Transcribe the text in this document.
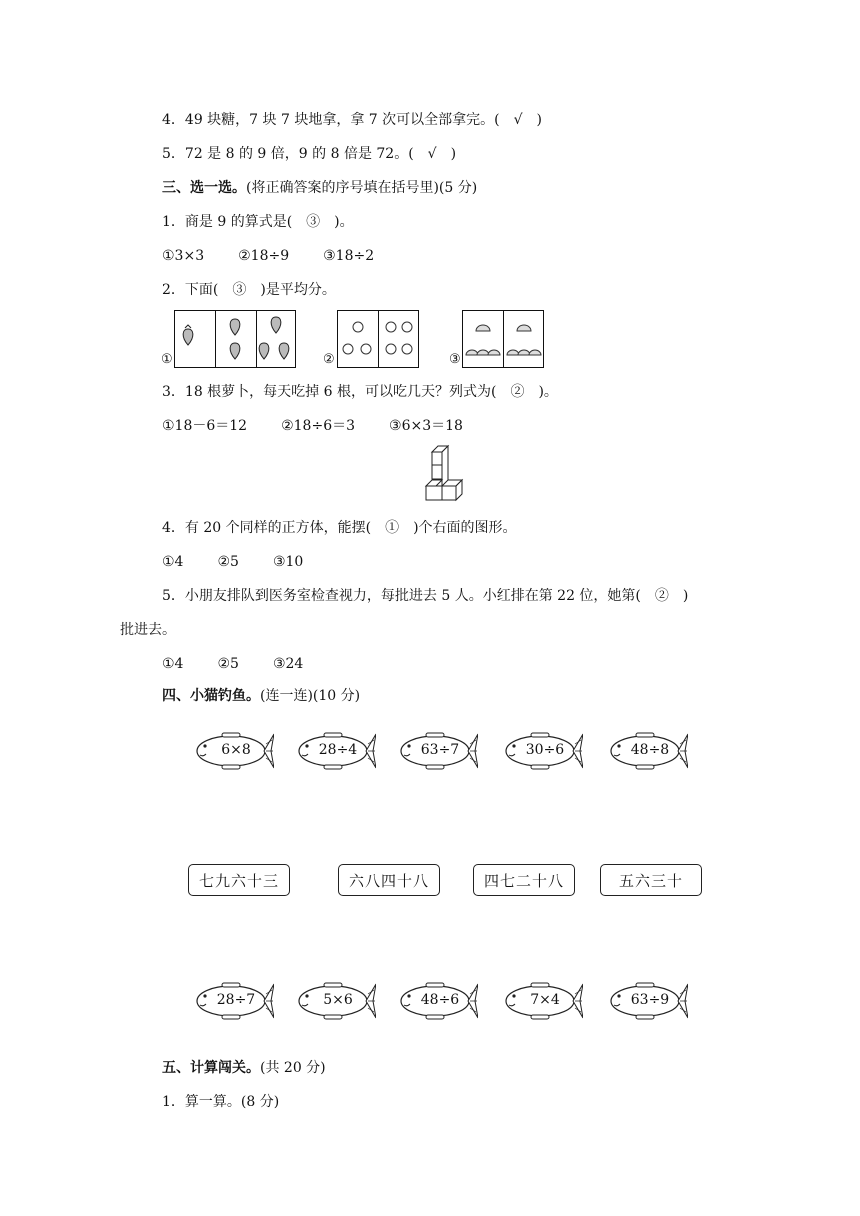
4．49 块糖，7 块 7 块地拿，拿 7 次可以全部拿完。(　√　)
5．72 是 8 的 9 倍，9 的 8 倍是 72。(　√　)
三、选一选。(将正确答案的序号填在括号里)(5 分)
1．商是 9 的算式是(　③　)。
①3×3 ②18÷9 ③18÷2
2．下面(　③　)是平均分。
①	②	③
3．18 根萝卜，每天吃掉 6 根，可以吃几天？列式为(　②　)。
①18－6＝12 ②18÷6＝3 ③6×3＝18
4．有 20 个同样的正方体，能摆(　①　)个右面的图形。
①4 ②5 ③10
5．小朋友排队到医务室检查视力，每批进去 5 人。小红排在第 22 位，她第(　②　)
批进去。
①4 ②5 ③24
四、小猫钓鱼。(连一连)(10 分)
6×8	28÷4	63÷7	30÷6	48÷8
七九六十三	六八四十八	四七二十八	五六三十
28÷7	5×6	48÷6	7×4	63÷9
五、计算闯关。(共 20 分)
1．算一算。(8 分)
